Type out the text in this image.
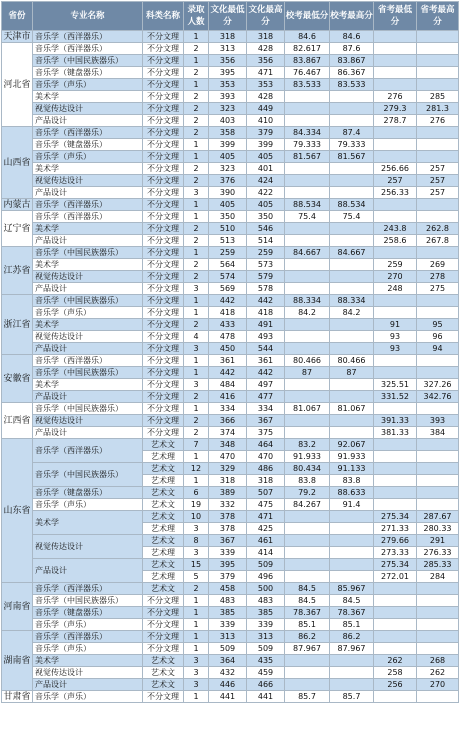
省份	专业名称	科类名称	录取人数	文化最低分	文化最高分	校考最低分	校考最高分	省考最低分	省考最高分
天津市	音乐学（西洋器乐）	不分文理	1	318	318	84.6	84.6		
河北省	音乐学（西洋器乐）	不分文理	2	313	428	82.617	87.6		
	音乐学（中国民族器乐）	不分文理	1	356	356	83.867	83.867		
	音乐学（键盘器乐）	不分文理	2	395	471	76.467	86.367		
	音乐学（声乐）	不分文理	1	353	353	83.533	83.533		
	美术学	不分文理	2	393	428			276	285
	视觉传达设计	不分文理	2	323	449			279.3	281.3
	产品设计	不分文理	2	403	410			278.7	276
山西省	音乐学（西洋器乐）	不分文理	2	358	379	84.334	87.4		
	音乐学（键盘器乐）	不分文理	1	399	399	79.333	79.333		
	音乐学（声乐）	不分文理	1	405	405	81.567	81.567		
	美术学	不分文理	2	323	401			256.66	257
	视觉传达设计	不分文理	2	376	424			257	257
	产品设计	不分文理	3	390	422			256.33	257
内蒙古	音乐学（西洋器乐）	不分文理	1	405	405	88.534	88.534		
辽宁省	音乐学（西洋器乐）	不分文理	1	350	350	75.4	75.4		
	美术学	不分文理	2	510	546			243.8	262.8
	产品设计	不分文理	2	513	514			258.6	267.8
江苏省	音乐学（中国民族器乐）	不分文理	1	259	259	84.667	84.667		
	美术学	不分文理	2	564	573			259	269
	视觉传达设计	不分文理	2	574	579			270	278
	产品设计	不分文理	3	569	578			248	275
浙江省	音乐学（中国民族器乐）	不分文理	1	442	442	88.334	88.334		
	音乐学（声乐）	不分文理	1	418	418	84.2	84.2		
	美术学	不分文理	2	433	491			91	95
	视觉传达设计	不分文理	4	478	493			93	96
	产品设计	不分文理	3	450	544			93	94
安徽省	音乐学（西洋器乐）	不分文理	1	361	361	80.466	80.466		
	音乐学（中国民族器乐）	不分文理	1	442	442	87	87		
	美术学	不分文理	3	484	497			325.51	327.26
	产品设计	不分文理	2	416	477			331.52	342.76
江西省	音乐学（中国民族器乐）	不分文理	1	334	334	81.067	81.067		
	视觉传达设计	不分文理	2	366	367			391.33	393
	产品设计	不分文理	2	374	375			381.33	384
山东省	音乐学（西洋器乐）	艺术文	7	348	464	83.2	92.067		
		艺术理	1	470	470	91.933	91.933		
	音乐学（中国民族器乐）	艺术文	12	329	486	80.434	91.133		
		艺术理	1	318	318	83.8	83.8		
	音乐学（键盘器乐）	艺术文	6	389	507	79.2	88.633		
	音乐学（声乐）	艺术文	19	332	475	84.267	91.4		
	美术学	艺术文	10	378	471			275.34	287.67
		艺术理	3	378	425			271.33	280.33
	视觉传达设计	艺术文	8	367	461			279.66	291
		艺术理	3	339	414			273.33	276.33
	产品设计	艺术文	15	395	509			275.34	285.33
		艺术理	5	379	496			272.01	284
河南省	音乐学（西洋器乐）	艺术文	2	458	500	84.5	85.967		
	音乐学（中国民族器乐）	不分文理	1	483	483	84.5	84.5		
	音乐学（键盘器乐）	不分文理	1	385	385	78.367	78.367		
	音乐学（声乐）	不分文理	1	339	339	85.1	85.1		
湖南省	音乐学（西洋器乐）	不分文理	1	313	313	86.2	86.2		
	音乐学（声乐）	不分文理	1	509	509	87.967	87.967		
	美术学	艺术文	3	364	435			262	268
	视觉传达设计	艺术文	3	432	459			258	262
	产品设计	艺术文	3	446	466			256	270
甘肃省	音乐学（声乐）	不分文理	1	441	441	85.7	85.7		
